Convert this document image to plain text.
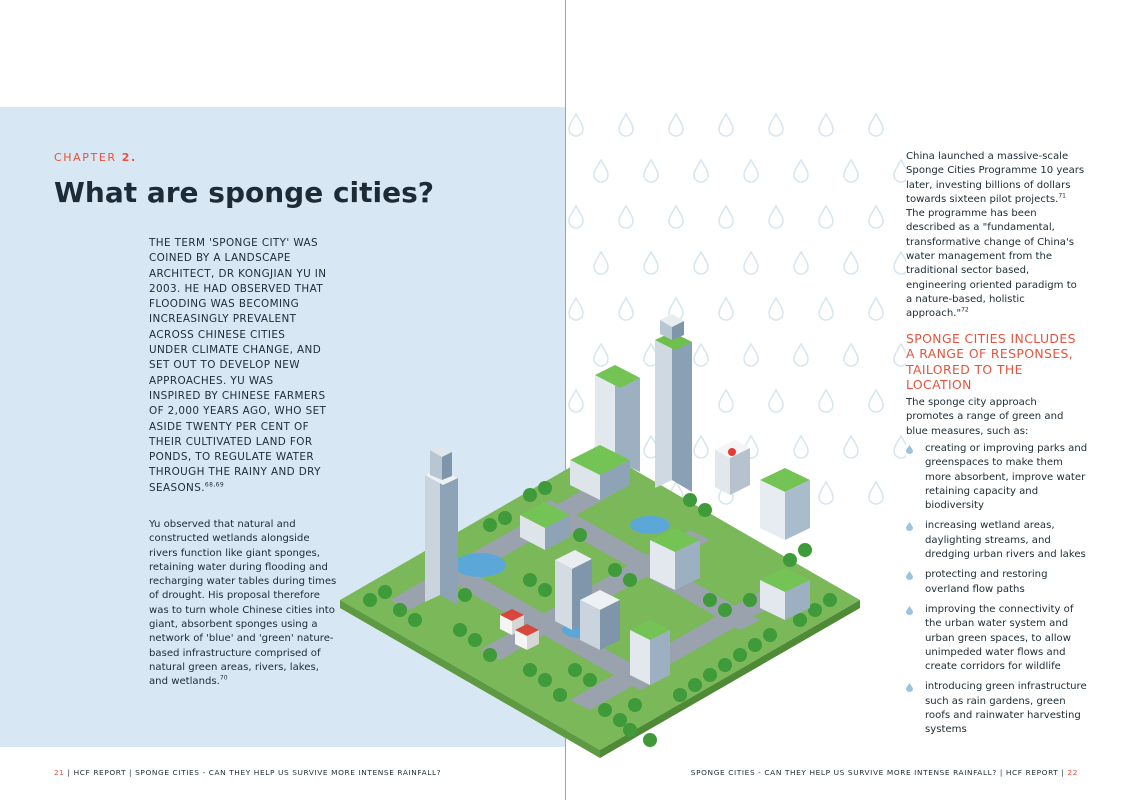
CHAPTER 2.
What are sponge cities?
THE TERM 'SPONGE CITY' WAS COINED BY A LANDSCAPE ARCHITECT, DR KONGJIAN YU IN 2003. HE HAD OBSERVED THAT FLOODING WAS BECOMING INCREASINGLY PREVALENT ACROSS CHINESE CITIES UNDER CLIMATE CHANGE, AND SET OUT TO DEVELOP NEW APPROACHES. YU WAS INSPIRED BY CHINESE FARMERS OF 2,000 YEARS AGO, WHO SET ASIDE TWENTY PER CENT OF THEIR CULTIVATED LAND FOR PONDS, TO REGULATE WATER THROUGH THE RAINY AND DRY SEASONS.$^{68,69}$
Yu observed that natural and constructed wetlands alongside rivers function like giant sponges, retaining water during flooding and recharging water tables during times of drought. His proposal therefore was to turn whole Chinese cities into giant, absorbent sponges using a network of 'blue' and 'green' nature-based infrastructure comprised of natural green areas, rivers, lakes, and wetlands.$^{70}$

China launched a massive-scale Sponge Cities Programme 10 years later, investing billions of dollars towards sixteen pilot projects.$^{71}$ The programme has been described as a "fundamental, transformative change of China's water management from the traditional sector based, engineering oriented paradigm to a nature-based, holistic approach."$^{72}$

SPONGE CITIES INCLUDES A RANGE OF RESPONSES, TAILORED TO THE LOCATION
The sponge city approach promotes a range of green and blue measures, such as:
creating or improving parks and greenspaces to make them more absorbent, improve water retaining capacity and biodiversity
increasing wetland areas, daylighting streams, and dredging urban rivers and lakes
protecting and restoring overland flow paths
improving the connectivity of the urban water system and urban green spaces, to allow unimpeded water flows and create corridors for wildlife
introducing green infrastructure such as rain gardens, green roofs and rainwater harvesting systems
21 | HCF REPORT | SPONGE CITIES - CAN THEY HELP US SURVIVE MORE INTENSE RAINFALL?	SPONGE CITIES - CAN THEY HELP US SURVIVE MORE INTENSE RAINFALL? | HCF REPORT | 22
